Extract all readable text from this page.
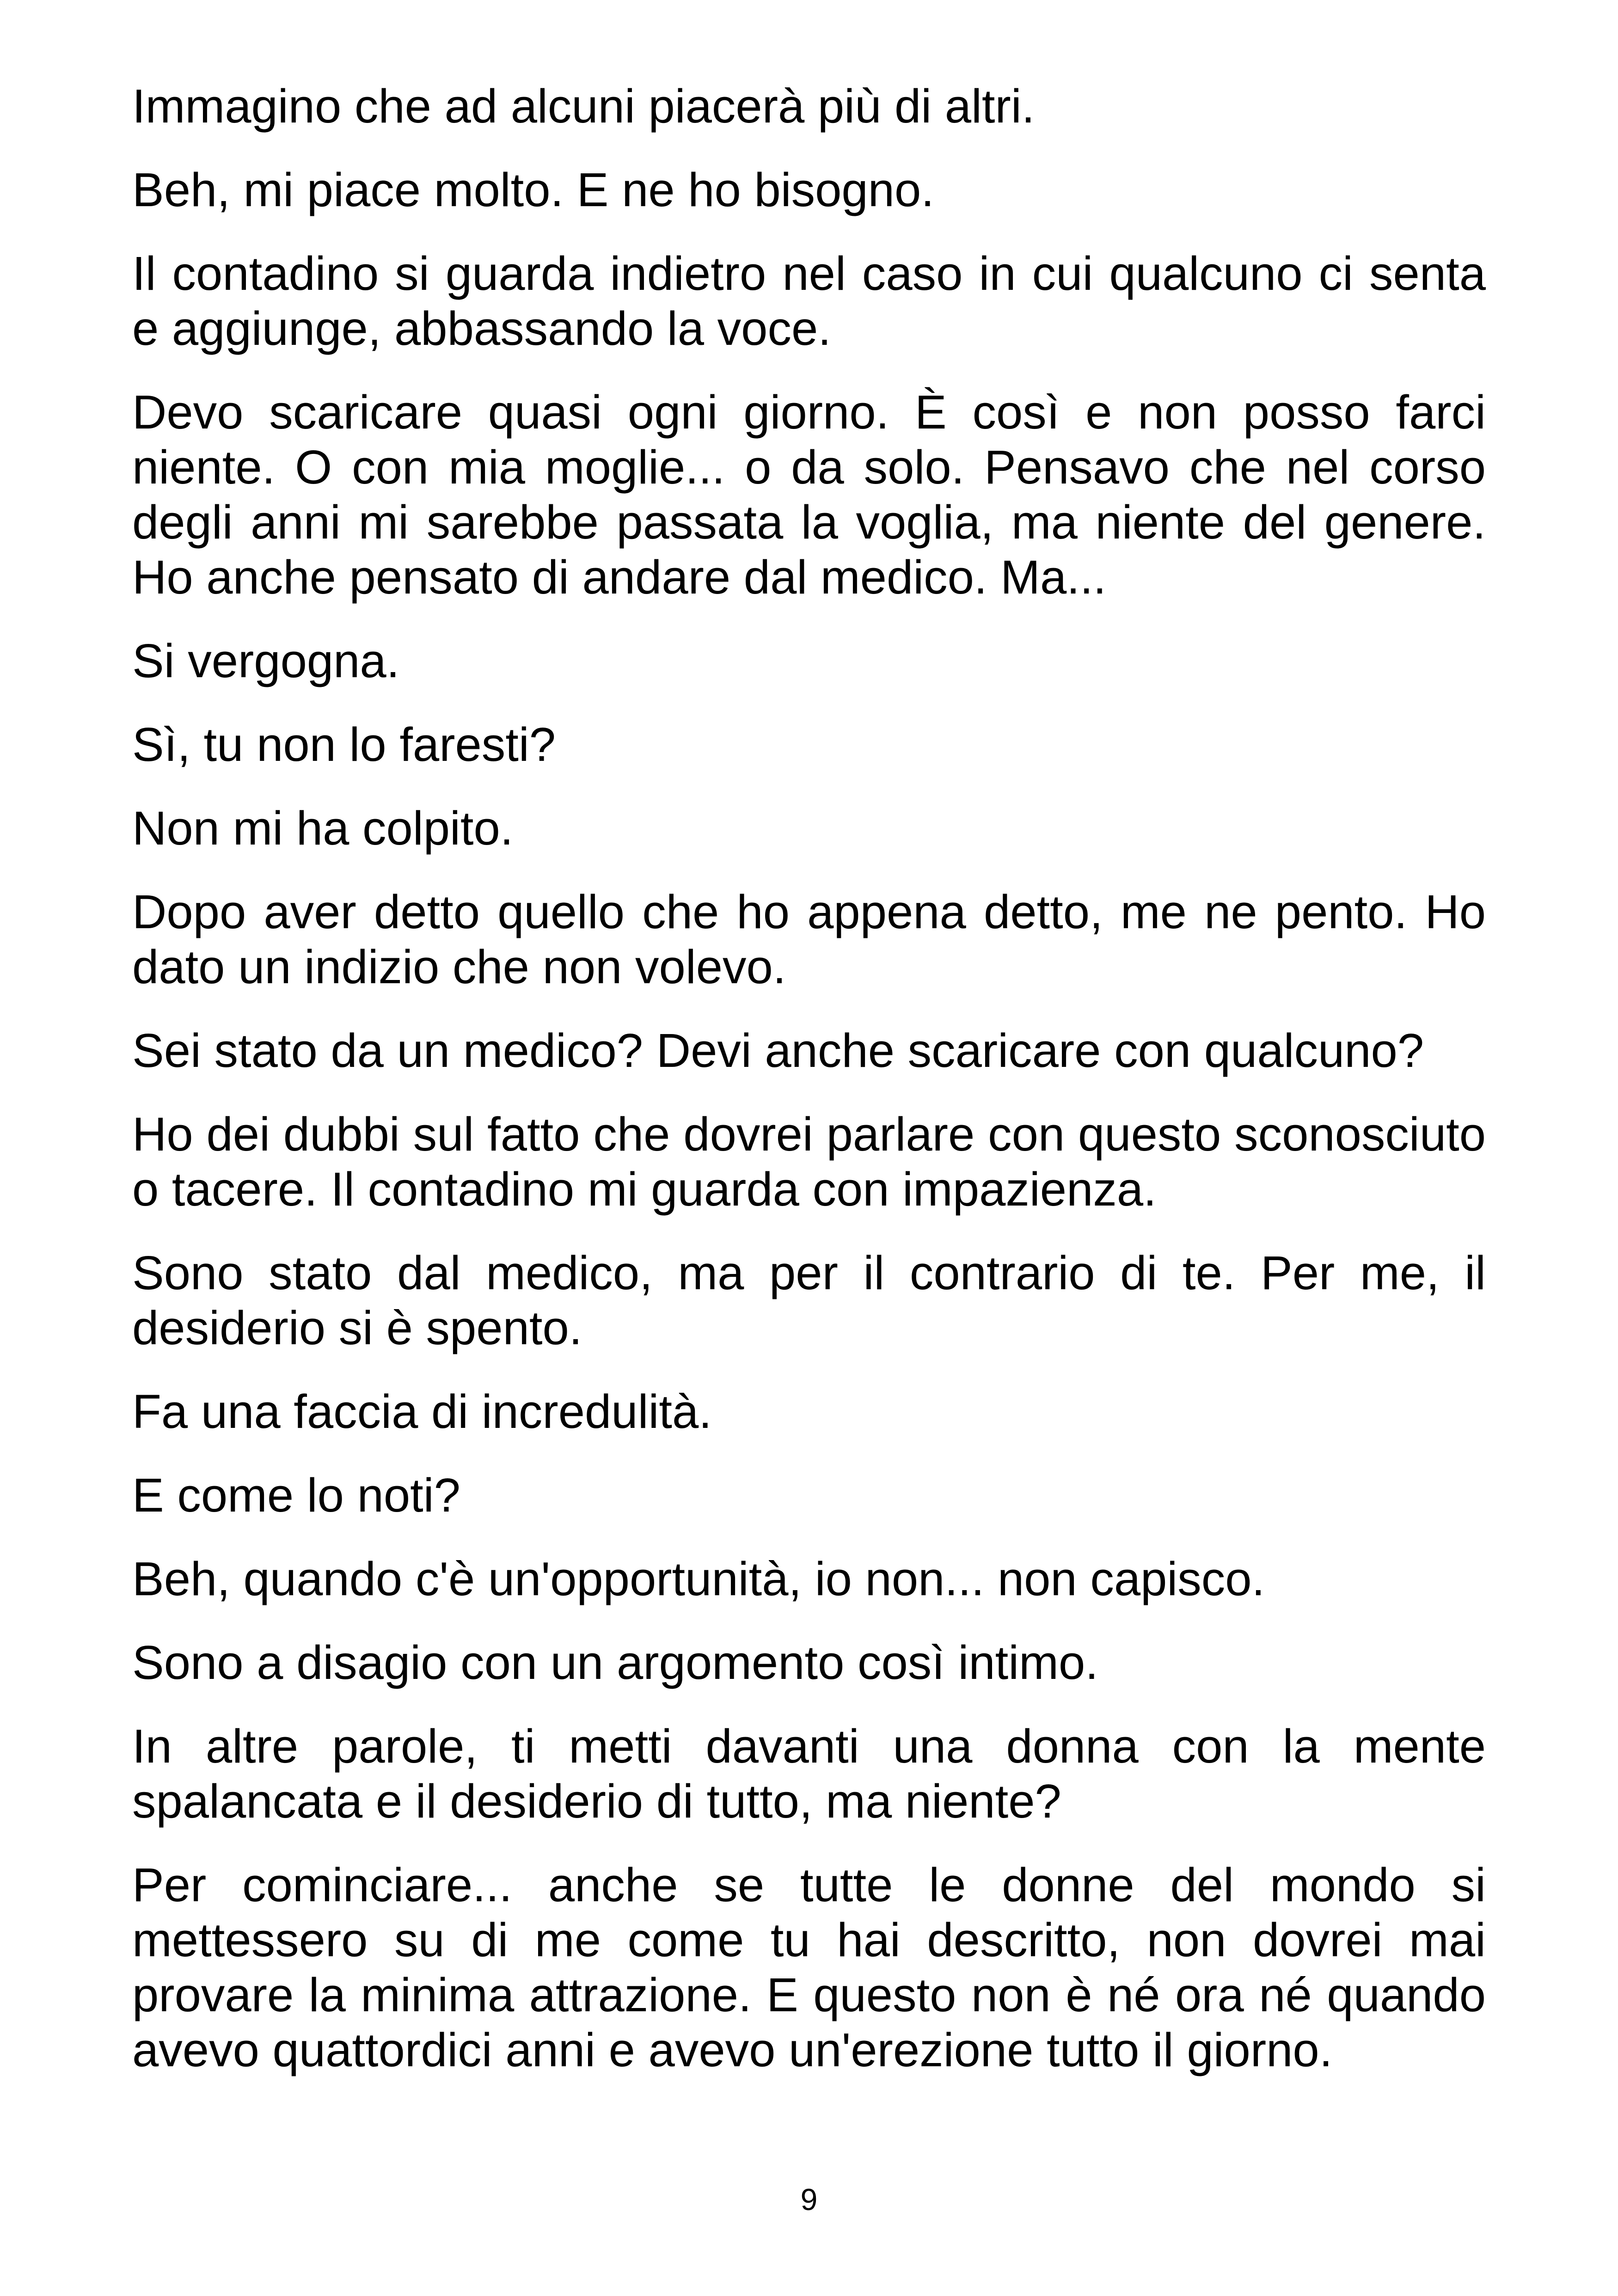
Immagino che ad alcuni piacerà più di altri.

Beh, mi piace molto. E ne ho bisogno.

Il contadino si guarda indietro nel caso in cui qualcuno ci senta e aggiunge, abbassando la voce.

Devo scaricare quasi ogni giorno. È così e non posso farci niente. O con mia moglie... o da solo. Pensavo che nel corso degli anni mi sarebbe passata la voglia, ma niente del genere. Ho anche pensato di andare dal medico. Ma...

Si vergogna.

Sì, tu non lo faresti?

Non mi ha colpito.

Dopo aver detto quello che ho appena detto, me ne pento. Ho dato un indizio che non volevo.

Sei stato da un medico? Devi anche scaricare con qualcuno?

Ho dei dubbi sul fatto che dovrei parlare con questo sconosciuto o tacere. Il contadino mi guarda con impazienza.

Sono stato dal medico, ma per il contrario di te. Per me, il desiderio si è spento.

Fa una faccia di incredulità.

E come lo noti?

Beh, quando c'è un'opportunità, io non... non capisco.

Sono a disagio con un argomento così intimo.

In altre parole, ti metti davanti una donna con la mente spalancata e il desiderio di tutto, ma niente?

Per cominciare... anche se tutte le donne del mondo si mettessero su di me come tu hai descritto, non dovrei mai provare la minima attrazione. E questo non è né ora né quando avevo quattordici anni e avevo un'erezione tutto il giorno.

9
